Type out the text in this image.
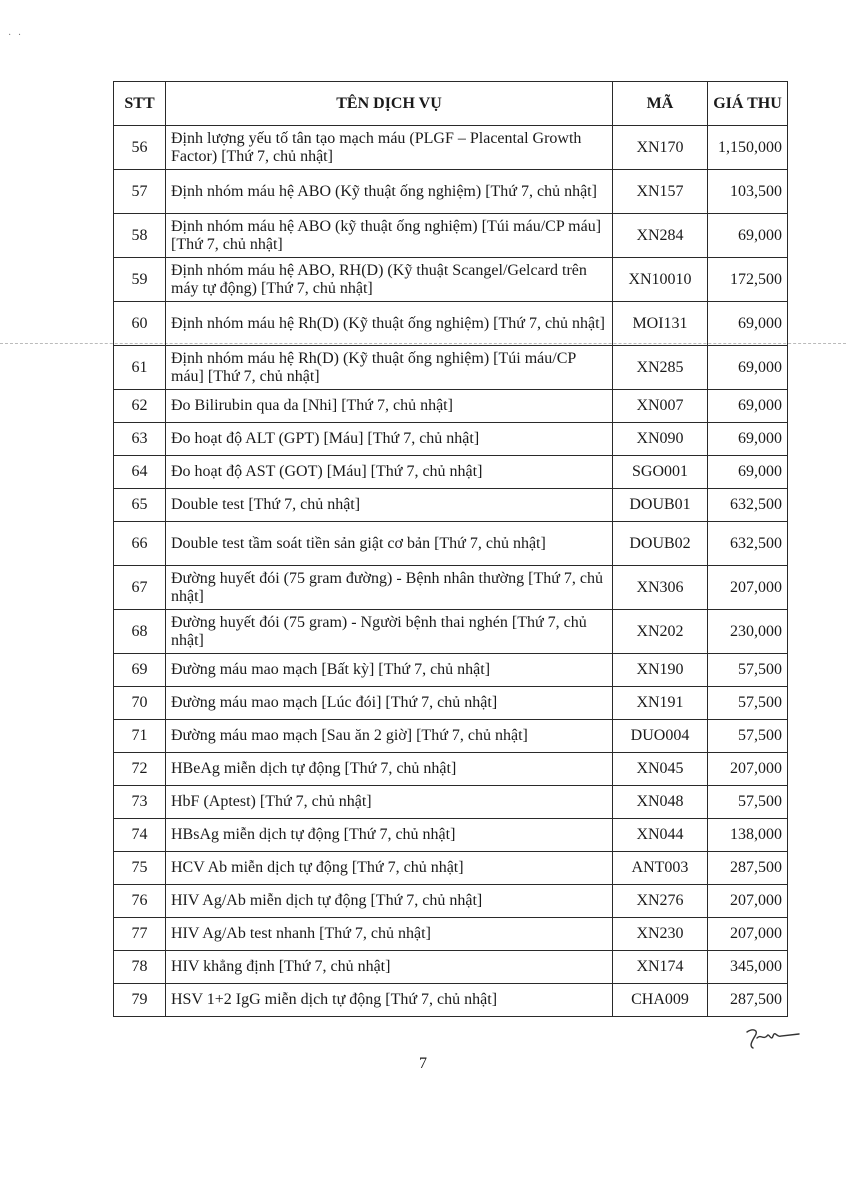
· ·
STT	TÊN DỊCH VỤ	MÃ	GIÁ THU
56	Định lượng yếu tố tân tạo mạch máu (PLGF – Placental Growth Factor) [Thứ 7, chủ nhật]	XN170	1,150,000
57	Định nhóm máu hệ ABO (Kỹ thuật ống nghiệm) [Thứ 7, chủ nhật]	XN157	103,500
58	Định nhóm máu hệ ABO (kỹ thuật ống nghiệm) [Túi máu/CP máu] [Thứ 7, chủ nhật]	XN284	69,000
59	Định nhóm máu hệ ABO, RH(D) (Kỹ thuật Scangel/Gelcard trên máy tự động) [Thứ 7, chủ nhật]	XN10010	172,500
60	Định nhóm máu hệ Rh(D) (Kỹ thuật ống nghiệm) [Thứ 7, chủ nhật]	MOI131	69,000
61	Định nhóm máu hệ Rh(D) (Kỹ thuật ống nghiệm) [Túi máu/CP máu] [Thứ 7, chủ nhật]	XN285	69,000
62	Đo Bilirubin qua da [Nhi] [Thứ 7, chủ nhật]	XN007	69,000
63	Đo hoạt độ ALT (GPT) [Máu] [Thứ 7, chủ nhật]	XN090	69,000
64	Đo hoạt độ AST (GOT) [Máu] [Thứ 7, chủ nhật]	SGO001	69,000
65	Double test [Thứ 7, chủ nhật]	DOUB01	632,500
66	Double test tầm soát tiền sản giật cơ bản [Thứ 7, chủ nhật]	DOUB02	632,500
67	Đường huyết đói (75 gram đường) - Bệnh nhân thường [Thứ 7, chủ nhật]	XN306	207,000
68	Đường huyết đói (75 gram) - Người bệnh thai nghén [Thứ 7, chủ nhật]	XN202	230,000
69	Đường máu mao mạch [Bất kỳ] [Thứ 7, chủ nhật]	XN190	57,500
70	Đường máu mao mạch [Lúc đói] [Thứ 7, chủ nhật]	XN191	57,500
71	Đường máu mao mạch [Sau ăn 2 giờ] [Thứ 7, chủ nhật]	DUO004	57,500
72	HBeAg miễn dịch tự động [Thứ 7, chủ nhật]	XN045	207,000
73	HbF (Aptest) [Thứ 7, chủ nhật]	XN048	57,500
74	HBsAg miễn dịch tự động [Thứ 7, chủ nhật]	XN044	138,000
75	HCV Ab miễn dịch tự động [Thứ 7, chủ nhật]	ANT003	287,500
76	HIV Ag/Ab miễn dịch tự động [Thứ 7, chủ nhật]	XN276	207,000
77	HIV Ag/Ab test nhanh [Thứ 7, chủ nhật]	XN230	207,000
78	HIV khẳng định [Thứ 7, chủ nhật]	XN174	345,000
79	HSV 1+2 IgG miễn dịch tự động [Thứ 7, chủ nhật]	CHA009	287,500
7
